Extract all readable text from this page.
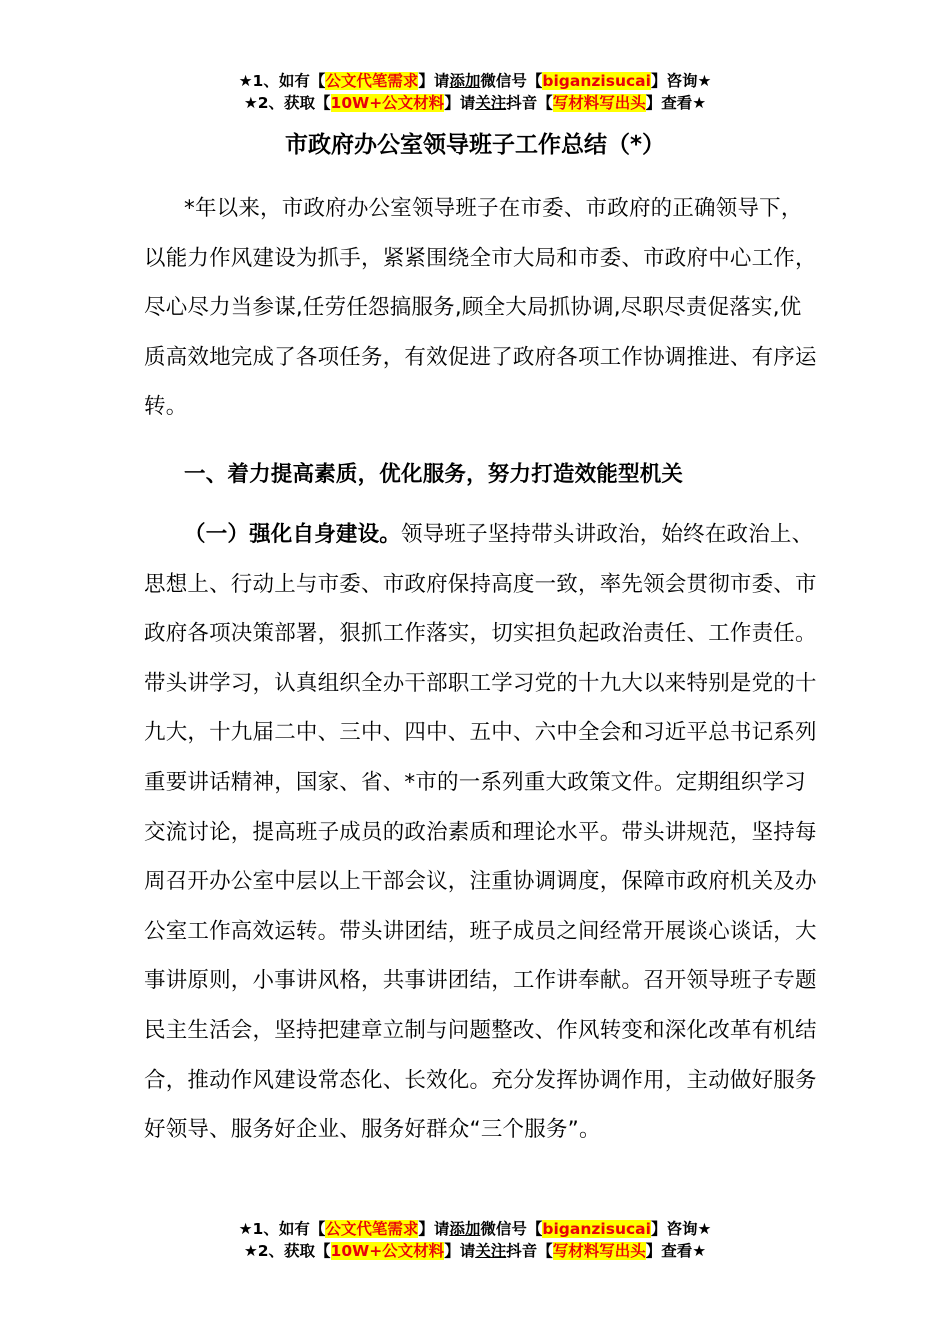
★1、如有【公文代笔需求】请添加微信号【biganzisucai】咨询★
★2、获取【10W+公文材料】请关注抖音【写材料写出头】查看★
市政府办公室领导班子工作总结（*）
*年以来，市政府办公室领导班子在市委、市政府的正确领导下，以能力作风建设为抓手，紧紧围绕全市大局和市委、市政府中心工作，尽心尽力当参谋,任劳任怨搞服务,顾全大局抓协调,尽职尽责促落实,优质高效地完成了各项任务，有效促进了政府各项工作协调推进、有序运转。
一、着力提高素质，优化服务，努力打造效能型机关
（一）强化自身建设。领导班子坚持带头讲政治，始终在政治上、思想上、行动上与市委、市政府保持高度一致，率先领会贯彻市委、市政府各项决策部署，狠抓工作落实，切实担负起政治责任、工作责任。带头讲学习，认真组织全办干部职工学习党的十九大以来特别是党的十九大，十九届二中、三中、四中、五中、六中全会和习近平总书记系列重要讲话精神，国家、省、*市的一系列重大政策文件。定期组织学习交流讨论，提高班子成员的政治素质和理论水平。带头讲规范，坚持每周召开办公室中层以上干部会议，注重协调调度，保障市政府机关及办公室工作高效运转。带头讲团结，班子成员之间经常开展谈心谈话，大事讲原则，小事讲风格，共事讲团结，工作讲奉献。召开领导班子专题民主生活会，坚持把建章立制与问题整改、作风转变和深化改革有机结合，推动作风建设常态化、长效化。充分发挥协调作用，主动做好服务好领导、服务好企业、服务好群众“三个服务”。
★1、如有【公文代笔需求】请添加微信号【biganzisucai】咨询★
★2、获取【10W+公文材料】请关注抖音【写材料写出头】查看★
